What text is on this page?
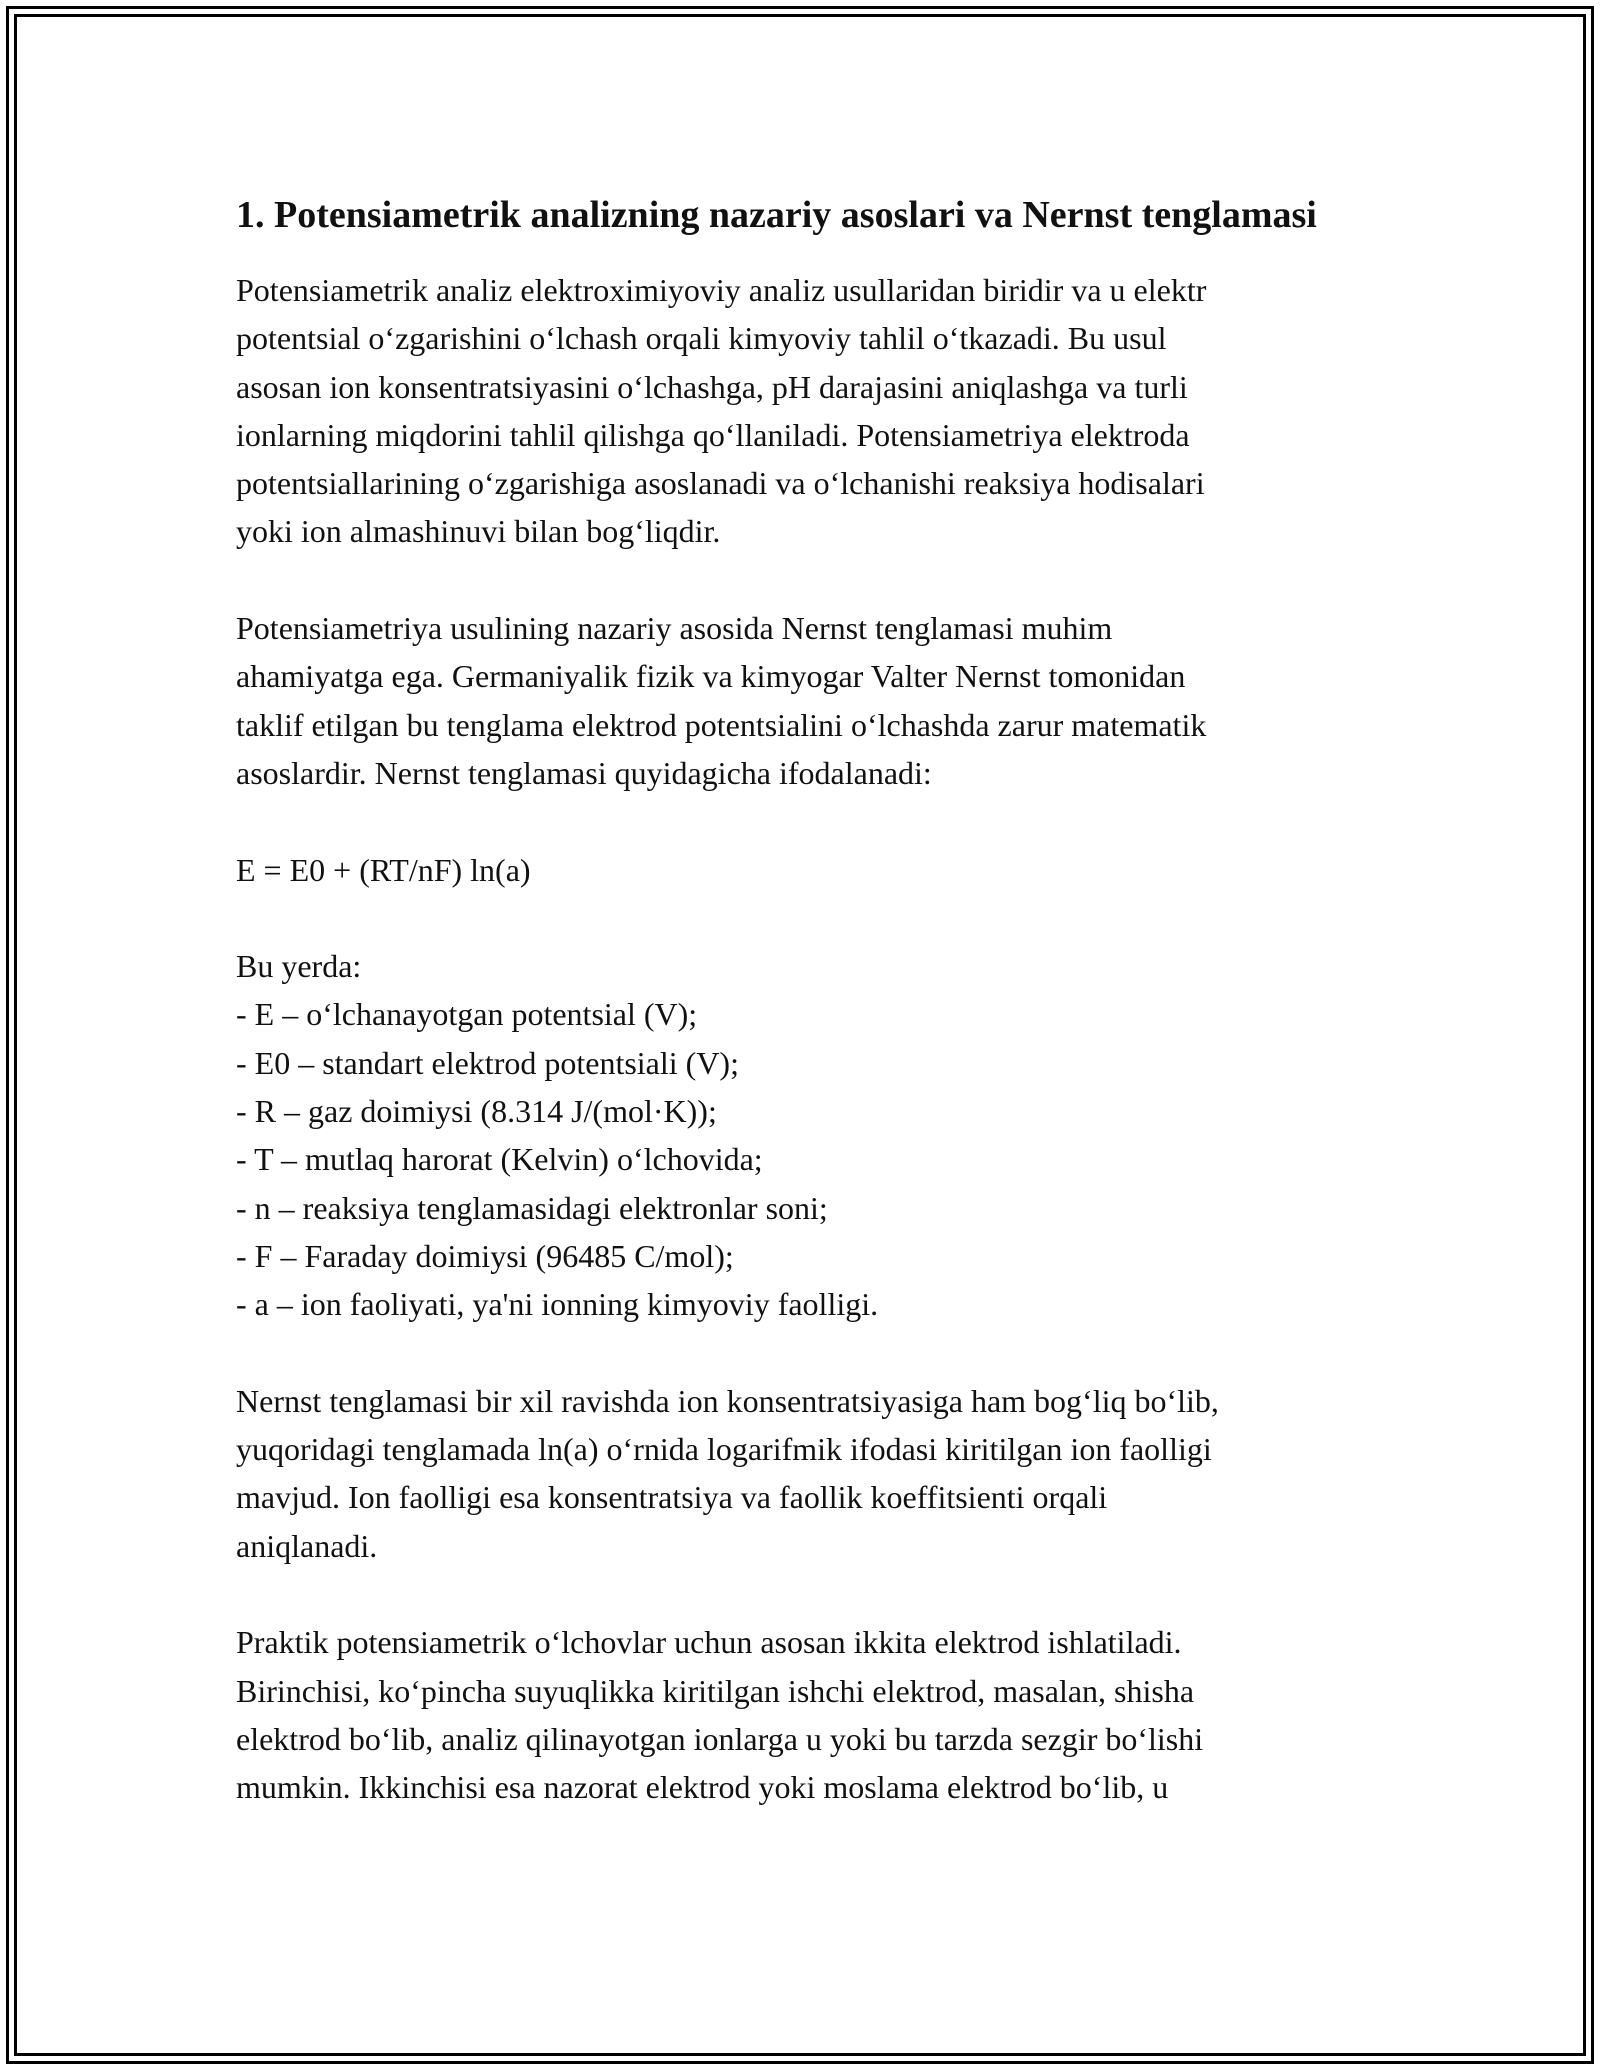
1. Potensiametrik analizning nazariy asoslari va Nernst tenglamasi

Potensiametrik analiz elektroximiyoviy analiz usullaridan biridir va u elektr
potentsial o‘zgarishini o‘lchash orqali kimyoviy tahlil o‘tkazadi. Bu usul
asosan ion konsentratsiyasini o‘lchashga, pH darajasini aniqlashga va turli
ionlarning miqdorini tahlil qilishga qo‘llaniladi. Potensiametriya elektroda
potentsiallarining o‘zgarishiga asoslanadi va o‘lchanishi reaksiya hodisalari
yoki ion almashinuvi bilan bog‘liqdir.

Potensiametriya usulining nazariy asosida Nernst tenglamasi muhim
ahamiyatga ega. Germaniyalik fizik va kimyogar Valter Nernst tomonidan
taklif etilgan bu tenglama elektrod potentsialini o‘lchashda zarur matematik
asoslardir. Nernst tenglamasi quyidagicha ifodalanadi:

E = E0 + (RT/nF) ln(a)

Bu yerda:

- E – o‘lchanayotgan potentsial (V);
- E0 – standart elektrod potentsiali (V);
- R – gaz doimiysi (8.314 J/(mol·K));
- T – mutlaq harorat (Kelvin) o‘lchovida;
- n – reaksiya tenglamasidagi elektronlar soni;
- F – Faraday doimiysi (96485 C/mol);
- a – ion faoliyati, ya'ni ionning kimyoviy faolligi.

Nernst tenglamasi bir xil ravishda ion konsentratsiyasiga ham bog‘liq bo‘lib,
yuqoridagi tenglamada ln(a) o‘rnida logarifmik ifodasi kiritilgan ion faolligi
mavjud. Ion faolligi esa konsentratsiya va faollik koeffitsienti orqali
aniqlanadi.

Praktik potensiametrik o‘lchovlar uchun asosan ikkita elektrod ishlatiladi.
Birinchisi, ko‘pincha suyuqlikka kiritilgan ishchi elektrod, masalan, shisha
elektrod bo‘lib, analiz qilinayotgan ionlarga u yoki bu tarzda sezgir bo‘lishi
mumkin. Ikkinchisi esa nazorat elektrod yoki moslama elektrod bo‘lib, u
